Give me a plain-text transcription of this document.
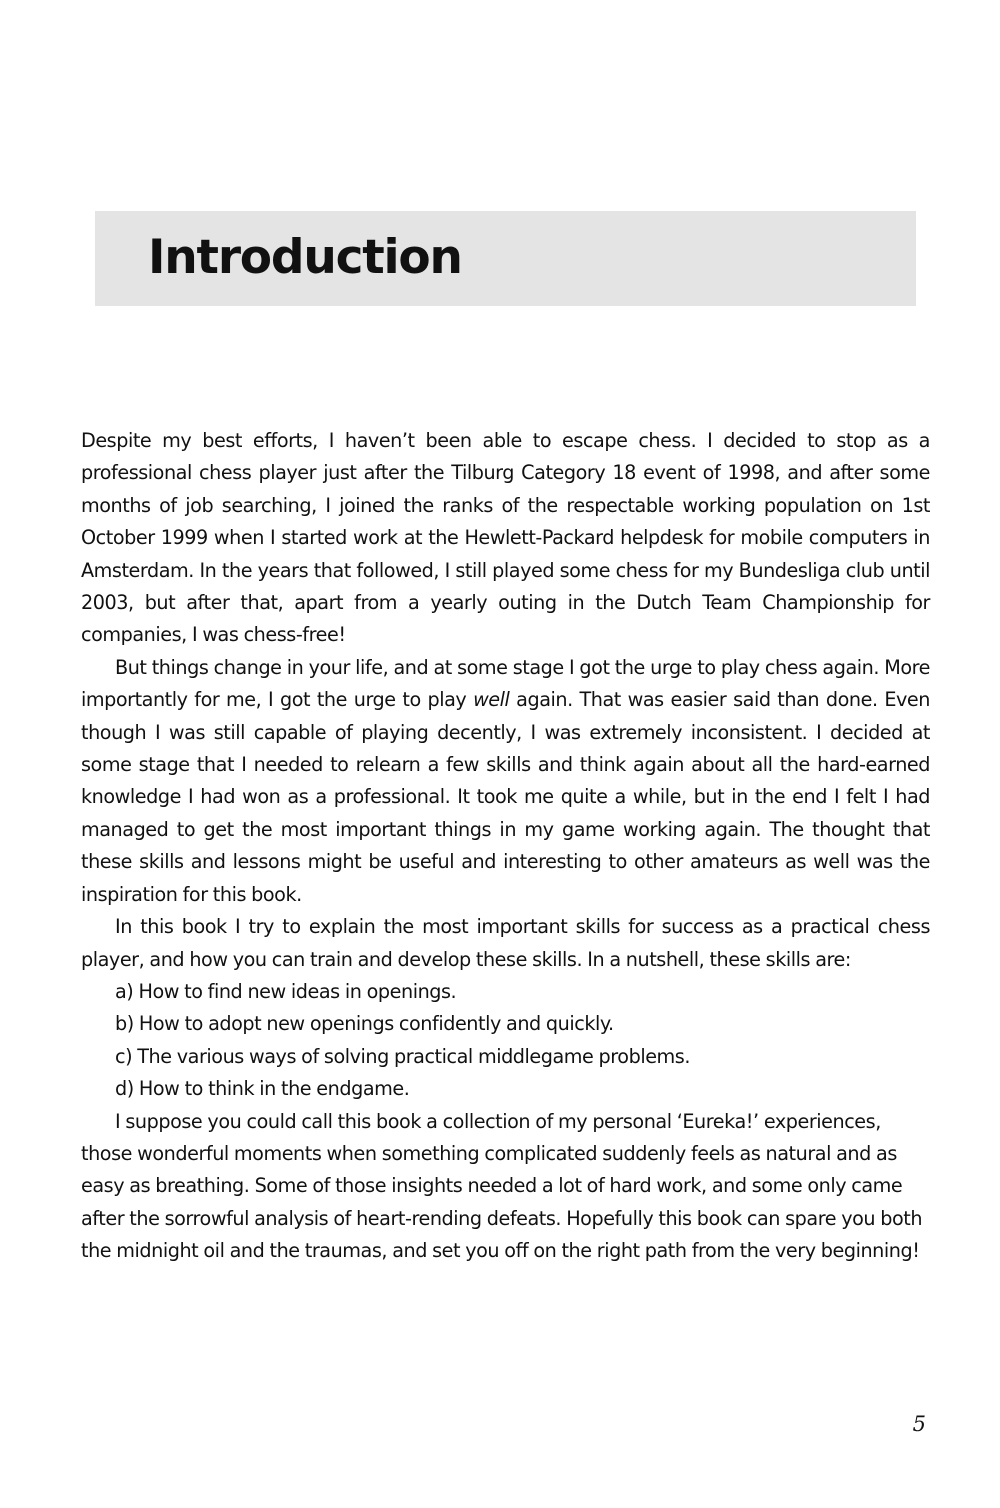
Introduction

Despite my best efforts, I haven’t been able to escape chess. I decided to stop as a professional chess player just after the Tilburg Category 18 event of 1998, and after some months of job searching, I joined the ranks of the respectable working population on 1st October 1999 when I started work at the Hewlett-Packard helpdesk for mobile computers in Amsterdam. In the years that followed, I still played some chess for my Bundesliga club until 2003, but after that, apart from a yearly outing in the Dutch Team Championship for companies, I was chess-free!

But things change in your life, and at some stage I got the urge to play chess again. More importantly for me, I got the urge to play well again. That was easier said than done. Even though I was still capable of playing decently, I was extremely inconsistent. I decided at some stage that I needed to relearn a few skills and think again about all the hard-earned knowledge I had won as a professional. It took me quite a while, but in the end I felt I had managed to get the most important things in my game working again. The thought that these skills and lessons might be useful and interesting to other amateurs as well was the inspiration for this book.

In this book I try to explain the most important skills for success as a practical chess player, and how you can train and develop these skills. In a nutshell, these skills are:

a) How to find new ideas in openings.

b) How to adopt new openings confidently and quickly.

c) The various ways of solving practical middlegame problems.

d) How to think in the endgame.

I suppose you could call this book a collection of my personal ‘Eureka!’ experiences, those wonderful moments when something complicated suddenly feels as natural and as easy as breathing. Some of those insights needed a lot of hard work, and some only came after the sorrowful analysis of heart-rending defeats. Hopefully this book can spare you both the midnight oil and the traumas, and set you off on the right path from the very beginning!

5
